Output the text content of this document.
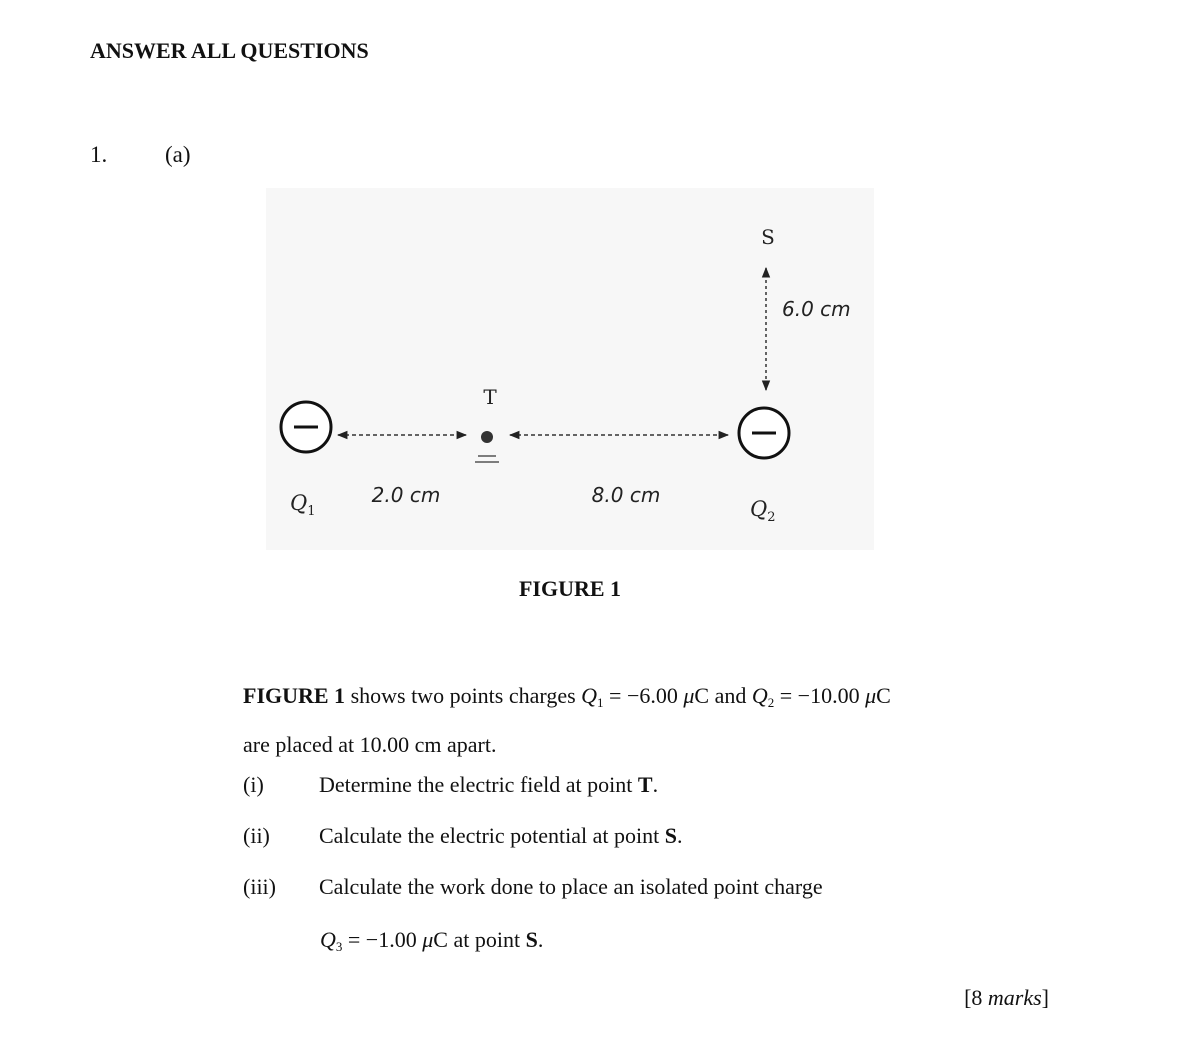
ANSWER ALL QUESTIONS
1.	(a)
S
6.0 cm
T
2.0 cm	8.0 cm
$Q_1$	$Q_2$
FIGURE 1
FIGURE 1 shows two points charges $Q_1 = -6.00$ μC and $Q_2 = -10.00$ μC
are placed at 10.00 cm apart.
(i)	Determine the electric field at point T.
(ii) Calculate the electric potential at point S.
(iii) Calculate the work done to place an isolated point charge
$Q_3 = -1.00$ μC at point S.
[8 marks]
